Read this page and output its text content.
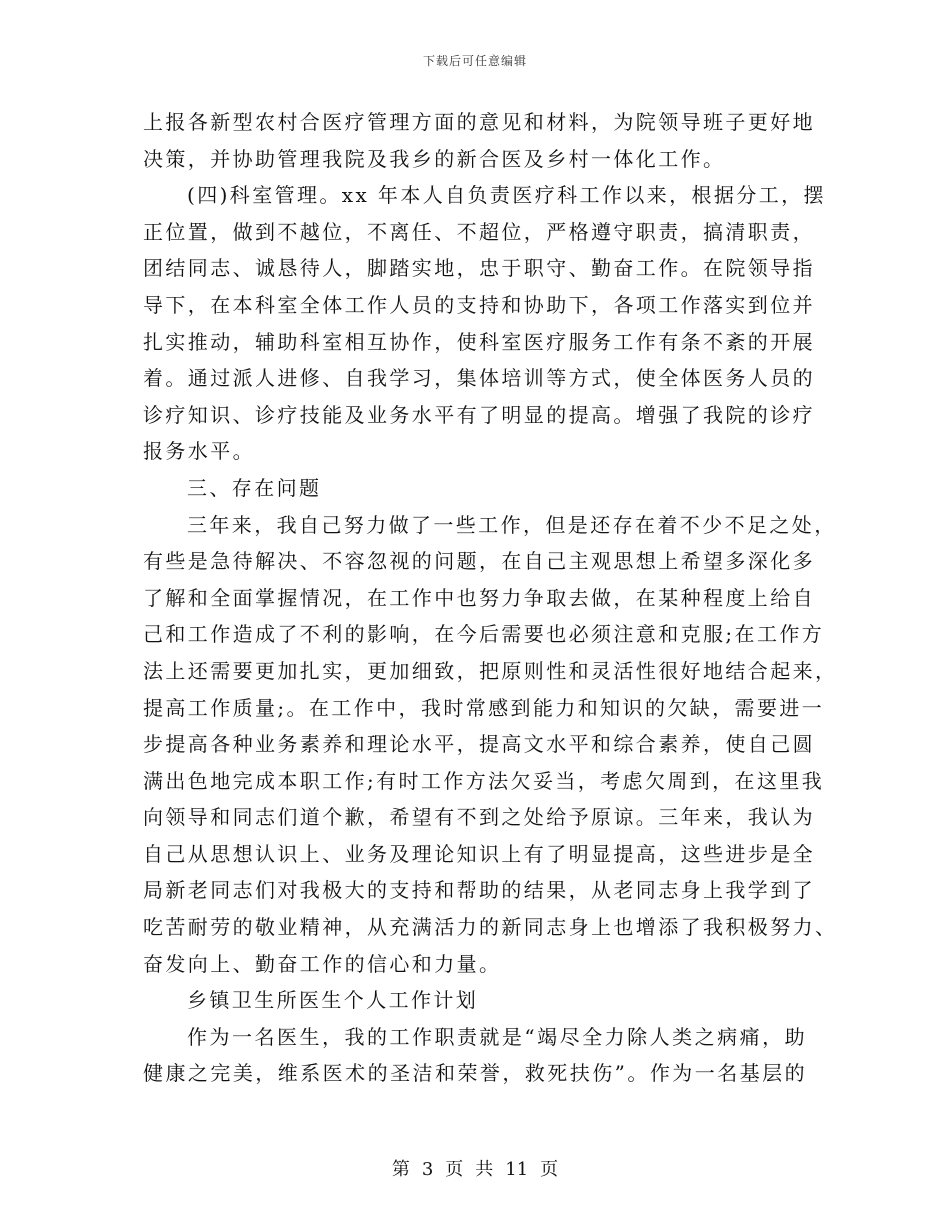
下载后可任意编辑
上报各新型农村合医疗管理方面的意见和材料，为院领导班子更好地
决策，并协助管理我院及我乡的新合医及乡村一体化工作。
(四)科室管理。xx 年本人自负责医疗科工作以来，根据分工，摆
正位置，做到不越位，不离任、不超位，严格遵守职责，搞清职责，
团结同志、诚恳待人，脚踏实地，忠于职守、勤奋工作。在院领导指
导下，在本科室全体工作人员的支持和协助下，各项工作落实到位并
扎实推动，辅助科室相互协作，使科室医疗服务工作有条不紊的开展
着。通过派人进修、自我学习，集体培训等方式，使全体医务人员的
诊疗知识、诊疗技能及业务水平有了明显的提高。增强了我院的诊疗
报务水平。
三、存在问题
三年来，我自己努力做了一些工作，但是还存在着不少不足之处，
有些是急待解决、不容忽视的问题，在自己主观思想上希望多深化多
了解和全面掌握情况，在工作中也努力争取去做，在某种程度上给自
己和工作造成了不利的影响，在今后需要也必须注意和克服;在工作方
法上还需要更加扎实，更加细致，把原则性和灵活性很好地结合起来，
提高工作质量;。在工作中，我时常感到能力和知识的欠缺，需要进一
步提高各种业务素养和理论水平，提高文水平和综合素养，使自己圆
满出色地完成本职工作;有时工作方法欠妥当，考虑欠周到，在这里我
向领导和同志们道个歉，希望有不到之处给予原谅。三年来，我认为
自己从思想认识上、业务及理论知识上有了明显提高，这些进步是全
局新老同志们对我极大的支持和帮助的结果，从老同志身上我学到了
吃苦耐劳的敬业精神，从充满活力的新同志身上也增添了我积极努力、
奋发向上、勤奋工作的信心和力量。
乡镇卫生所医生个人工作计划
作为一名医生，我的工作职责就是“竭尽全力除人类之病痛，助
健康之完美，维系医术的圣洁和荣誉，救死扶伤”。作为一名基层的
第 3 页 共 11 页
